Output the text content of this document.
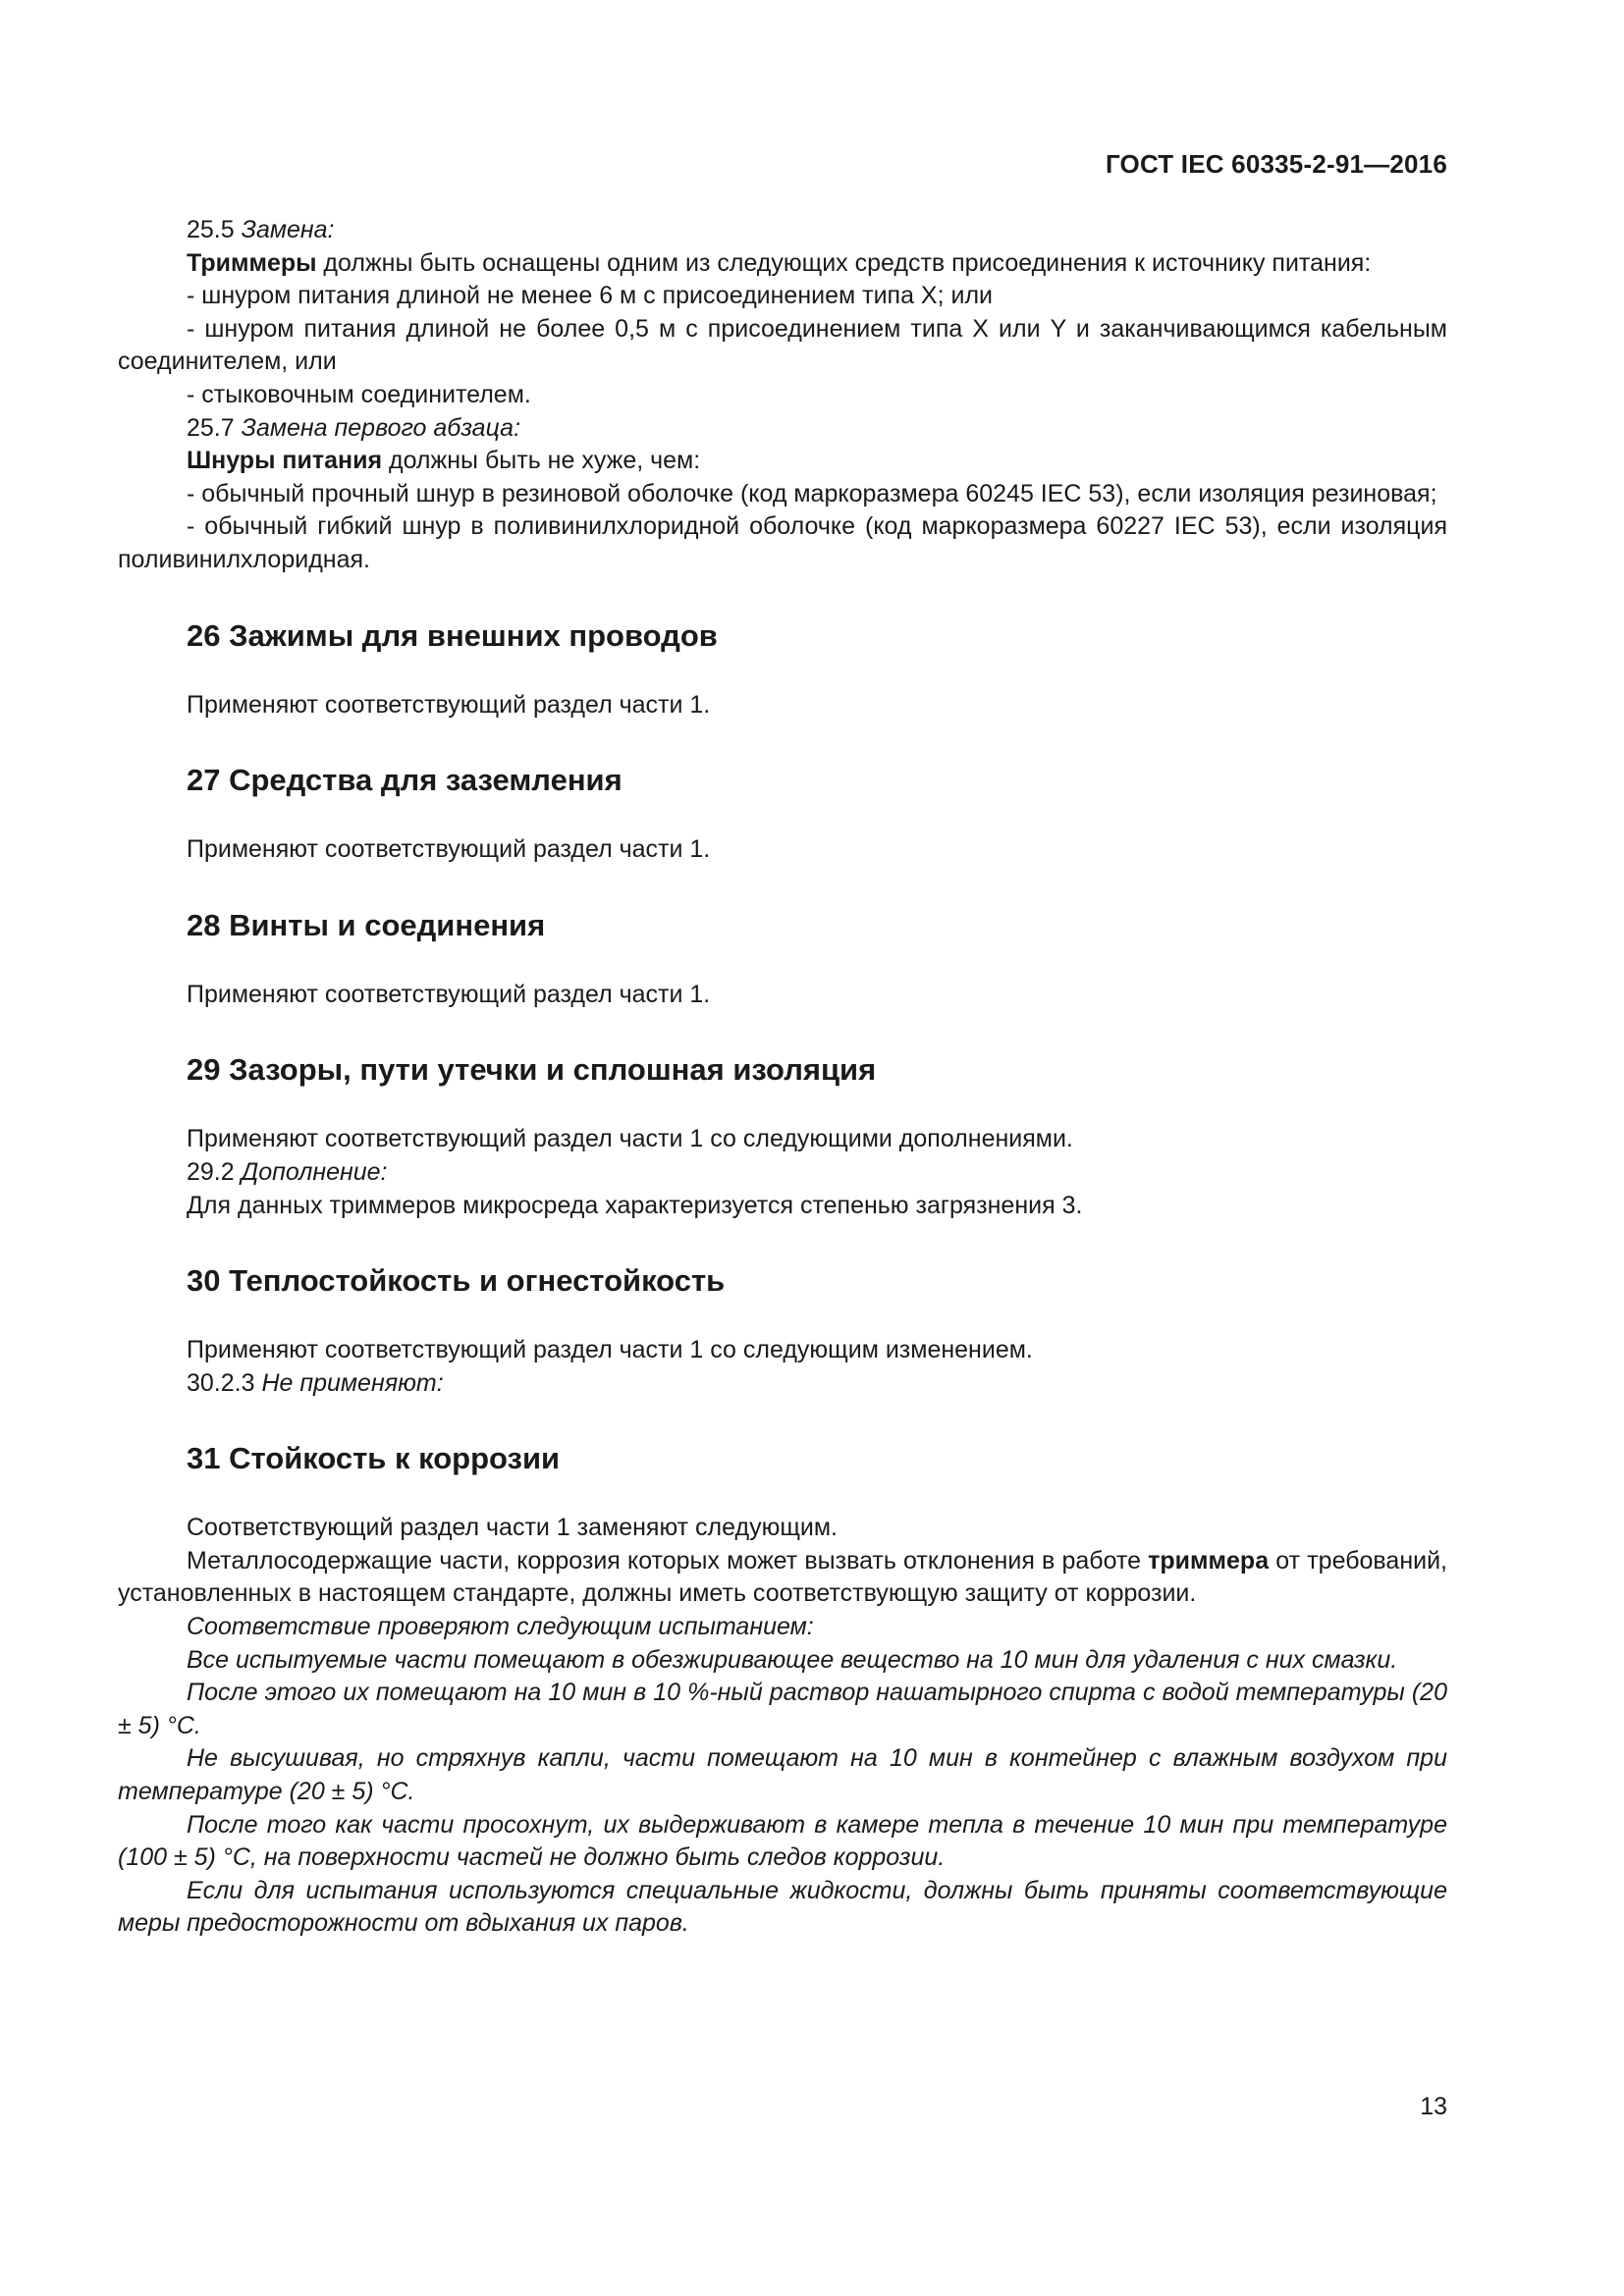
ГОСТ IEC 60335-2-91—2016

25.5 Замена:

Триммеры должны быть оснащены одним из следующих средств присоединения к источнику питания:

- шнуром питания длиной не менее 6 м с присоединением типа X; или

- шнуром питания длиной не более 0,5 м с присоединением типа X или Y и заканчивающимся кабельным соединителем, или

- стыковочным соединителем.

25.7 Замена первого абзаца:

Шнуры питания должны быть не хуже, чем:

- обычный прочный шнур в резиновой оболочке (код маркоразмера 60245 IEC 53), если изоляция резиновая;

- обычный гибкий шнур в поливинилхлоридной оболочке (код маркоразмера 60227 IEC 53), если изоляция поливинилхлоридная.

26 Зажимы для внешних проводов

Применяют соответствующий раздел части 1.

27 Средства для заземления

Применяют соответствующий раздел части 1.

28 Винты и соединения

Применяют соответствующий раздел части 1.

29 Зазоры, пути утечки и сплошная изоляция

Применяют соответствующий раздел части 1 со следующими дополнениями.

29.2 Дополнение:

Для данных триммеров микросреда характеризуется степенью загрязнения 3.

30 Теплостойкость и огнестойкость

Применяют соответствующий раздел части 1 со следующим изменением.

30.2.3 Не применяют:

31 Стойкость к коррозии

Соответствующий раздел части 1 заменяют следующим.

Металлосодержащие части, коррозия которых может вызвать отклонения в работе триммера от требований, установленных в настоящем стандарте, должны иметь соответствующую защиту от коррозии.

Соответствие проверяют следующим испытанием:

Все испытуемые части помещают в обезжиривающее вещество на 10 мин для удаления с них смазки.

После этого их помещают на 10 мин в 10 %-ный раствор нашатырного спирта с водой температуры (20 ± 5) °С.

Не высушивая, но стряхнув капли, части помещают на 10 мин в контейнер с влажным воздухом при температуре (20 ± 5) °С.

После того как части просохнут, их выдерживают в камере тепла в течение 10 мин при температуре (100 ± 5) °С, на поверхности частей не должно быть следов коррозии.

Если для испытания используются специальные жидкости, должны быть приняты соответствующие меры предосторожности от вдыхания их паров.

13
